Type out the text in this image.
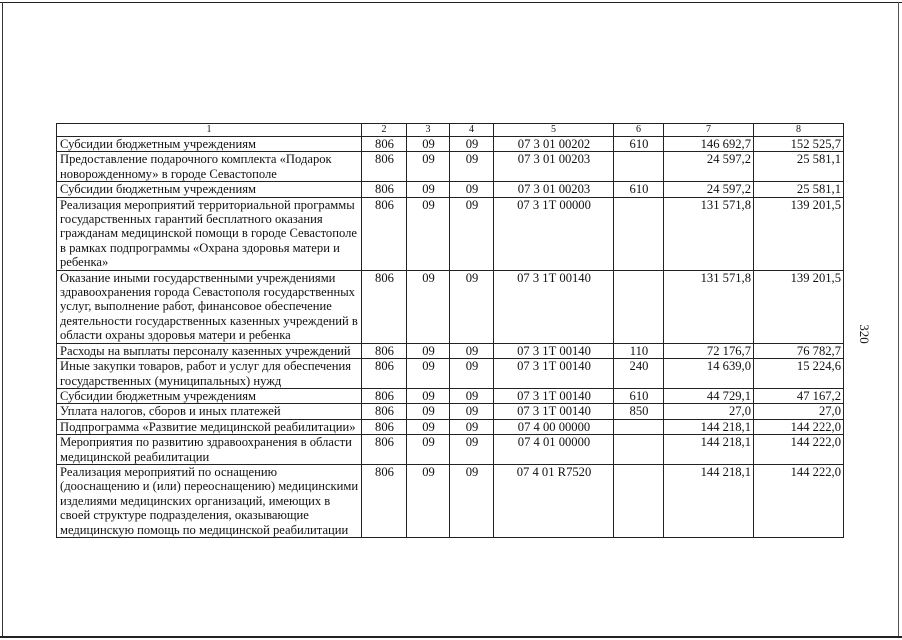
320
1	2	3	4	5	6	7	8
Субсидии бюджетным учреждениям	806	09	09	07 3 01 00202	610	146 692,7	152 525,7
Предоставление подарочного комплекта «Подарок новорожденному» в городе Севастополе	806	09	09	07 3 01 00203		24 597,2	25 581,1
Субсидии бюджетным учреждениям	806	09	09	07 3 01 00203	610	24 597,2	25 581,1
Реализация мероприятий территориальной программы государственных гарантий бесплатного оказания гражданам медицинской помощи в городе Севастополе в рамках подпрограммы «Охрана здоровья матери и ребенка»	806	09	09	07 3 1Т 00000		131 571,8	139 201,5
Оказание иными государственными учреждениями здравоохранения города Севастополя государственных услуг, выполнение работ, финансовое обеспечение деятельности государственных казенных учреждений в области охраны здоровья матери и ребенка	806	09	09	07 3 1Т 00140		131 571,8	139 201,5
Расходы на выплаты персоналу казенных учреждений	806	09	09	07 3 1Т 00140	110	72 176,7	76 782,7
Иные закупки товаров, работ и услуг для обеспечения государственных (муниципальных) нужд	806	09	09	07 3 1Т 00140	240	14 639,0	15 224,6
Субсидии бюджетным учреждениям	806	09	09	07 3 1Т 00140	610	44 729,1	47 167,2
Уплата налогов, сборов и иных платежей	806	09	09	07 3 1Т 00140	850	27,0	27,0
Подпрограмма «Развитие медицинской реабилитации»	806	09	09	07 4 00 00000		144 218,1	144 222,0
Мероприятия по развитию здравоохранения в области медицинской реабилитации	806	09	09	07 4 01 00000		144 218,1	144 222,0
Реализация мероприятий по оснащению (дооснащению и (или) переоснащению) медицинскими изделиями медицинских организаций, имеющих в своей структуре подразделения, оказывающие медицинскую помощь по медицинской реабилитации	806	09	09	07 4 01 R7520		144 218,1	144 222,0
